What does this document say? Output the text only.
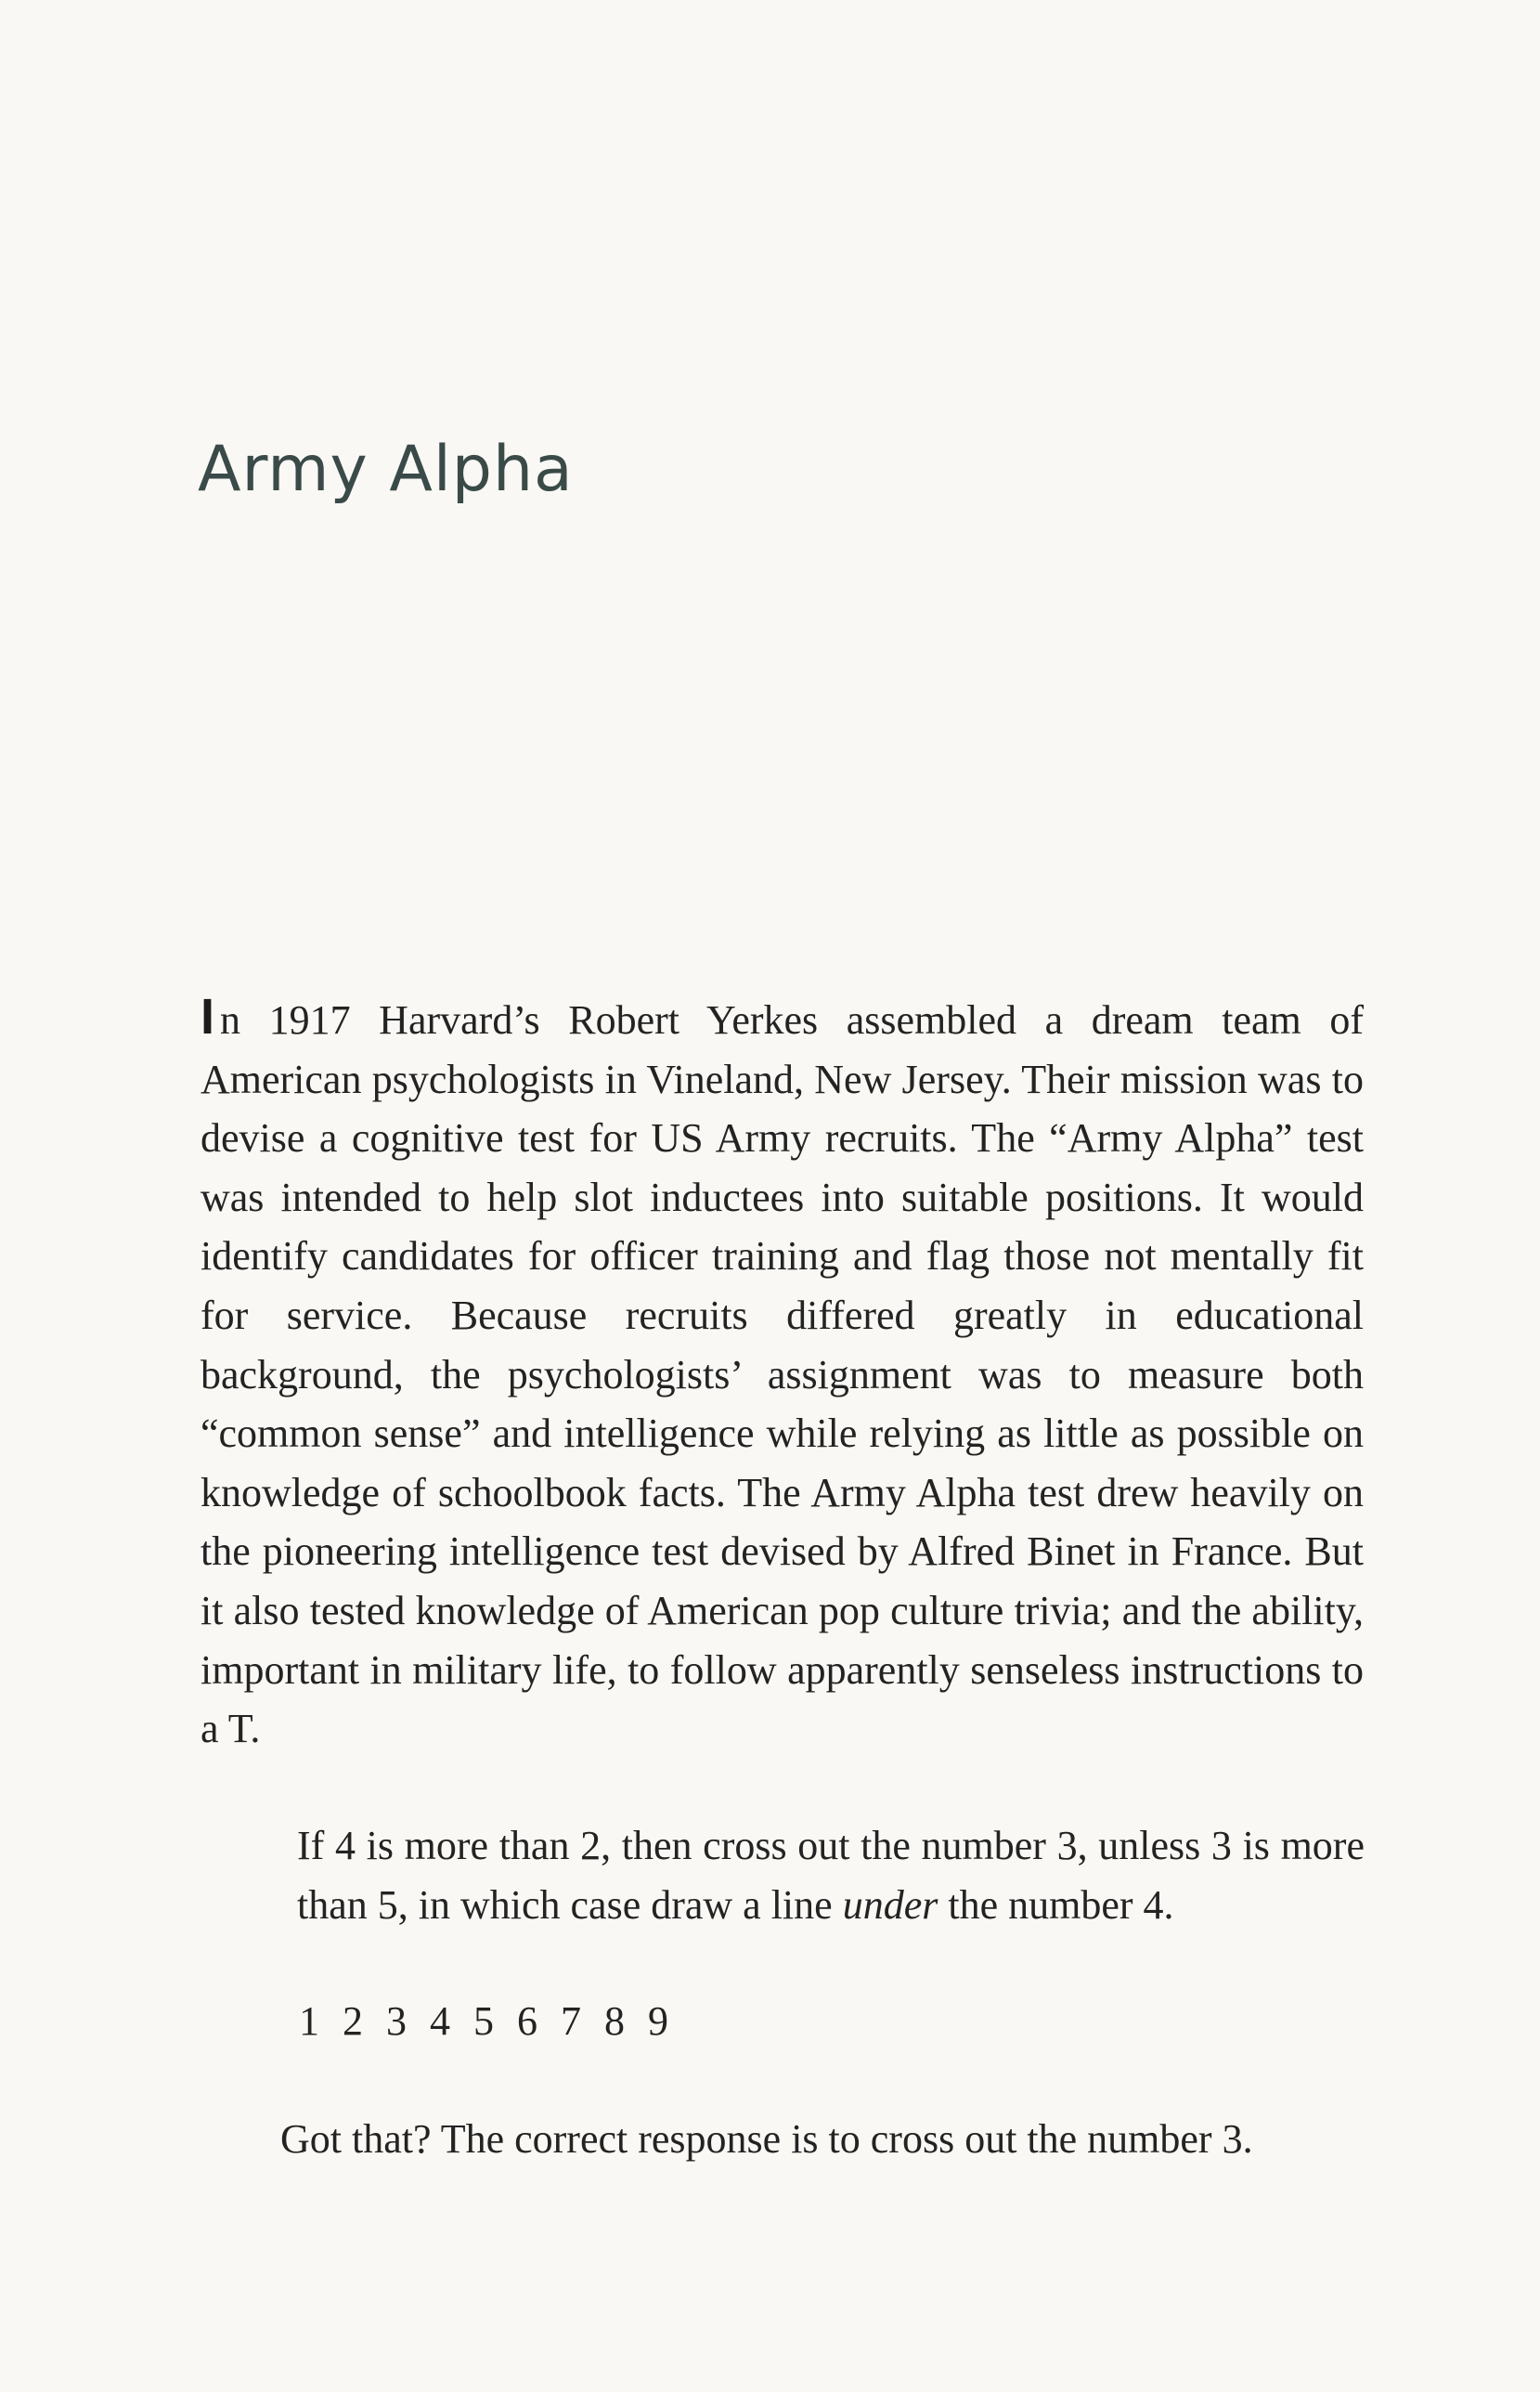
Army Alpha

In 1917 Harvard’s Robert Yerkes assembled a dream team of American psychologists in Vineland, New Jersey. Their mission was to devise a cognitive test for US Army recruits. The “Army Alpha” test was intended to help slot inductees into suitable positions. It would identify candidates for officer training and flag those not mentally fit for service. Because recruits differed greatly in educational background, the psychologists’ assignment was to measure both “common sense” and intelligence while relying as little as possible on knowledge of schoolbook facts. The Army Alpha test drew heavily on the pioneering intelligence test devised by Alfred Binet in France. But it also tested knowledge of American pop culture trivia; and the ability, important in military life, to follow apparently senseless instructions to a T.

If 4 is more than 2, then cross out the number 3, unless 3 is more than 5, in which case draw a line under the number 4.

1 2 3 4 5 6 7 8 9

Got that? The correct response is to cross out the number 3.
